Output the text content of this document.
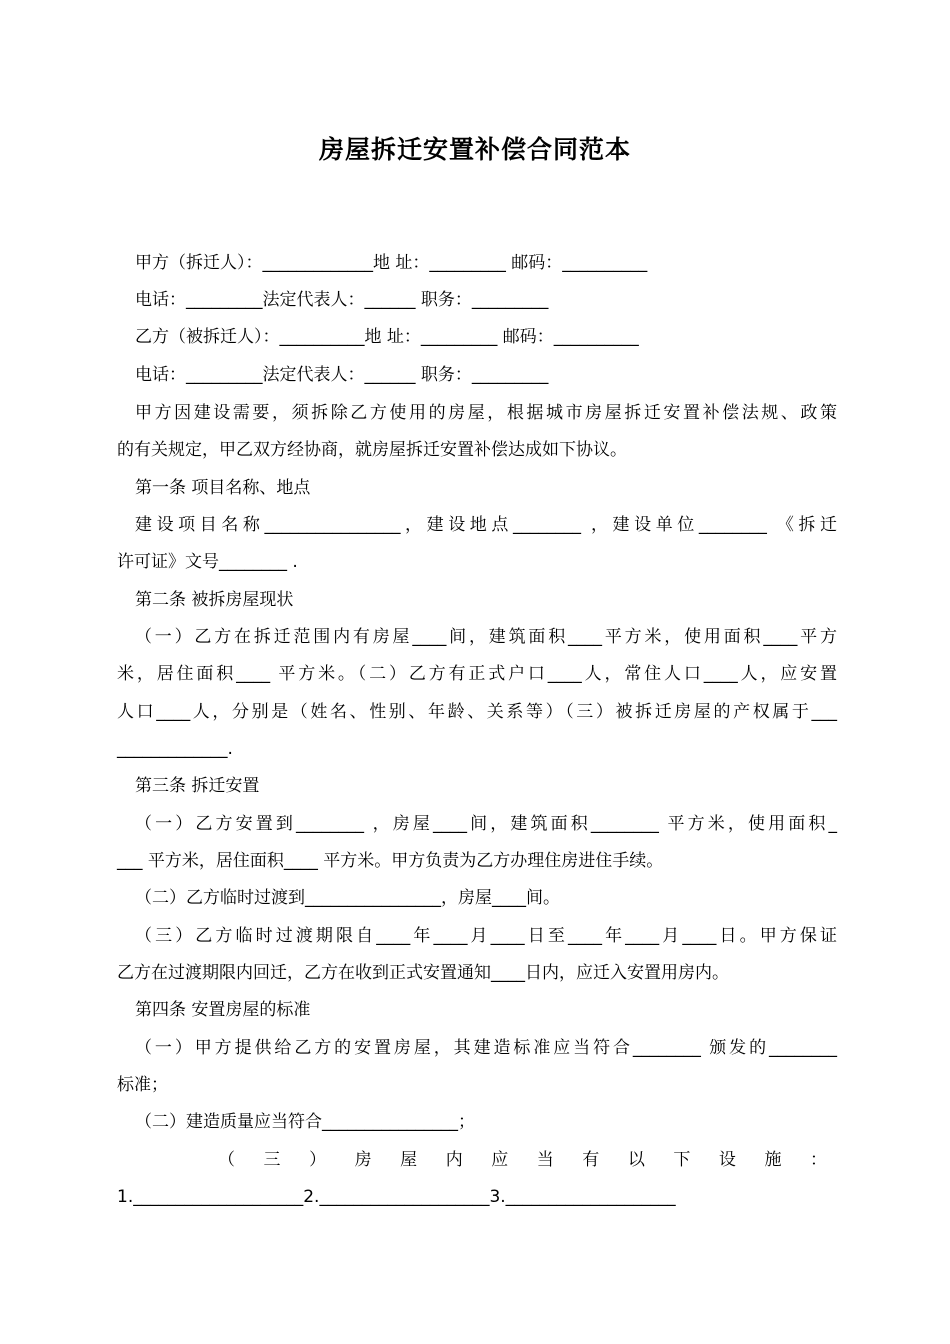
房屋拆迁安置补偿合同范本
甲方（拆迁人）：_____________地 址：_________ 邮码：__________
电话：_________法定代表人：______ 职务：_________
乙方（被拆迁人）：__________地 址：_________ 邮码：__________
电话：_________法定代表人：______ 职务：_________
甲方因建设需要，须拆除乙方使用的房屋，根据城市房屋拆迁安置补偿法规、政策
的有关规定，甲乙双方经协商，就房屋拆迁安置补偿达成如下协议。
第一条 项目名称、地点
建设项目名称________________，建设地点________ ，建设单位________ 《拆迁
许可证》文号________ .
第二条 被拆房屋现状
（一）乙方在拆迁范围内有房屋____间，建筑面积____平方米，使用面积____平方
米，居住面积____ 平方米。（二）乙方有正式户口____人，常住人口____人，应安置
人口____人，分别是（姓名、性别、年龄、关系等）（三）被拆迁房屋的产权属于___
_____________.
第三条 拆迁安置
（一）乙方安置到________ ，房屋____间，建筑面积________ 平方米，使用面积_
___ 平方米，居住面积____ 平方米。甲方负责为乙方办理住房进住手续。
（二）乙方临时过渡到________________，房屋____间。
（三）乙方临时过渡期限自____年____月____日至____年____月____日。甲方保证
乙方在过渡期限内回迁，乙方在收到正式安置通知____日内，应迁入安置用房内。
第四条 安置房屋的标准
（一）甲方提供给乙方的安置房屋，其建造标准应当符合________ 颁发的________
标准；
（二）建造质量应当符合________________；
（三）房屋内应当有以下设施：
1.____________________2.____________________3.____________________
